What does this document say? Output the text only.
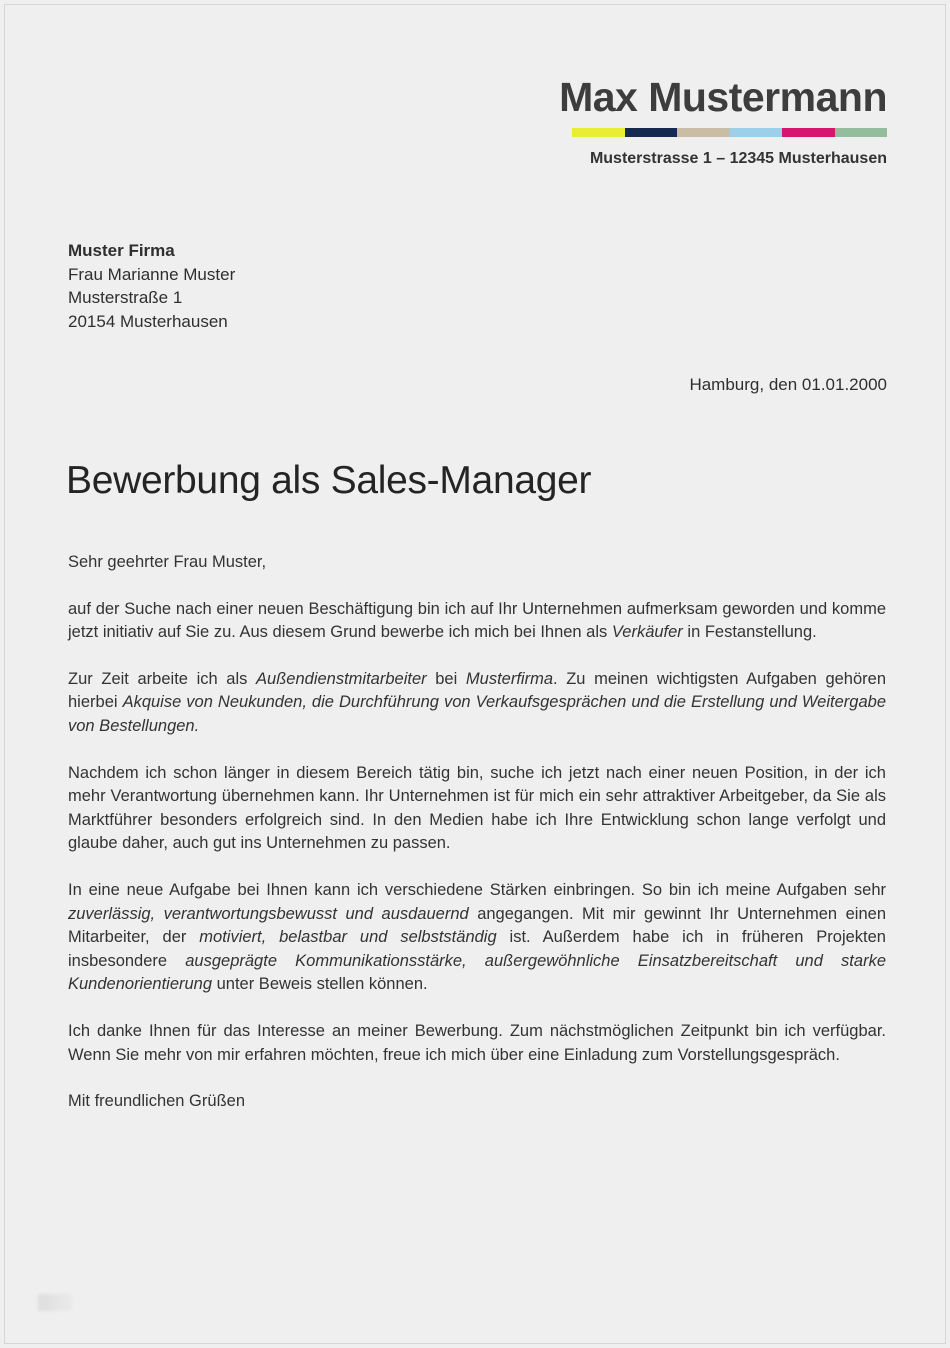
Max Mustermann
Musterstrasse 1 – 12345 Musterhausen
Muster Firma
Frau Marianne Muster
Musterstraße 1
20154 Musterhausen
Hamburg, den 01.01.2000
Bewerbung als Sales-Manager

Sehr geehrter Frau Muster,

auf der Suche nach einer neuen Beschäftigung bin ich auf Ihr Unternehmen aufmerksam geworden und komme jetzt initiativ auf Sie zu. Aus diesem Grund bewerbe ich mich bei Ihnen als Verkäufer in Festanstellung.

Zur Zeit arbeite ich als Außendienstmitarbeiter bei Musterfirma. Zu meinen wichtigsten Aufgaben gehören hierbei Akquise von Neukunden, die Durchführung von Verkaufsgesprächen und die Erstellung und Weitergabe von Bestellungen.

Nachdem ich schon länger in diesem Bereich tätig bin, suche ich jetzt nach einer neuen Position, in der ich mehr Verantwortung übernehmen kann. Ihr Unternehmen ist für mich ein sehr attraktiver Arbeitgeber, da Sie als Marktführer besonders erfolgreich sind. In den Medien habe ich Ihre Entwicklung schon lange verfolgt und glaube daher, auch gut ins Unternehmen zu passen.

In eine neue Aufgabe bei Ihnen kann ich verschiedene Stärken einbringen. So bin ich meine Aufgaben sehr zuverlässig, verantwortungsbewusst und ausdauernd angegangen. Mit mir gewinnt Ihr Unternehmen einen Mitarbeiter, der motiviert, belastbar und selbstständig ist. Außerdem habe ich in früheren Projekten insbesondere ausgeprägte Kommunikationsstärke, außergewöhnliche Einsatzbereitschaft und starke Kundenorientierung unter Beweis stellen können.

Ich danke Ihnen für das Interesse an meiner Bewerbung. Zum nächstmöglichen Zeitpunkt bin ich verfügbar. Wenn Sie mehr von mir erfahren möchten, freue ich mich über eine Einladung zum Vorstellungsgespräch.

Mit freundlichen Grüßen
